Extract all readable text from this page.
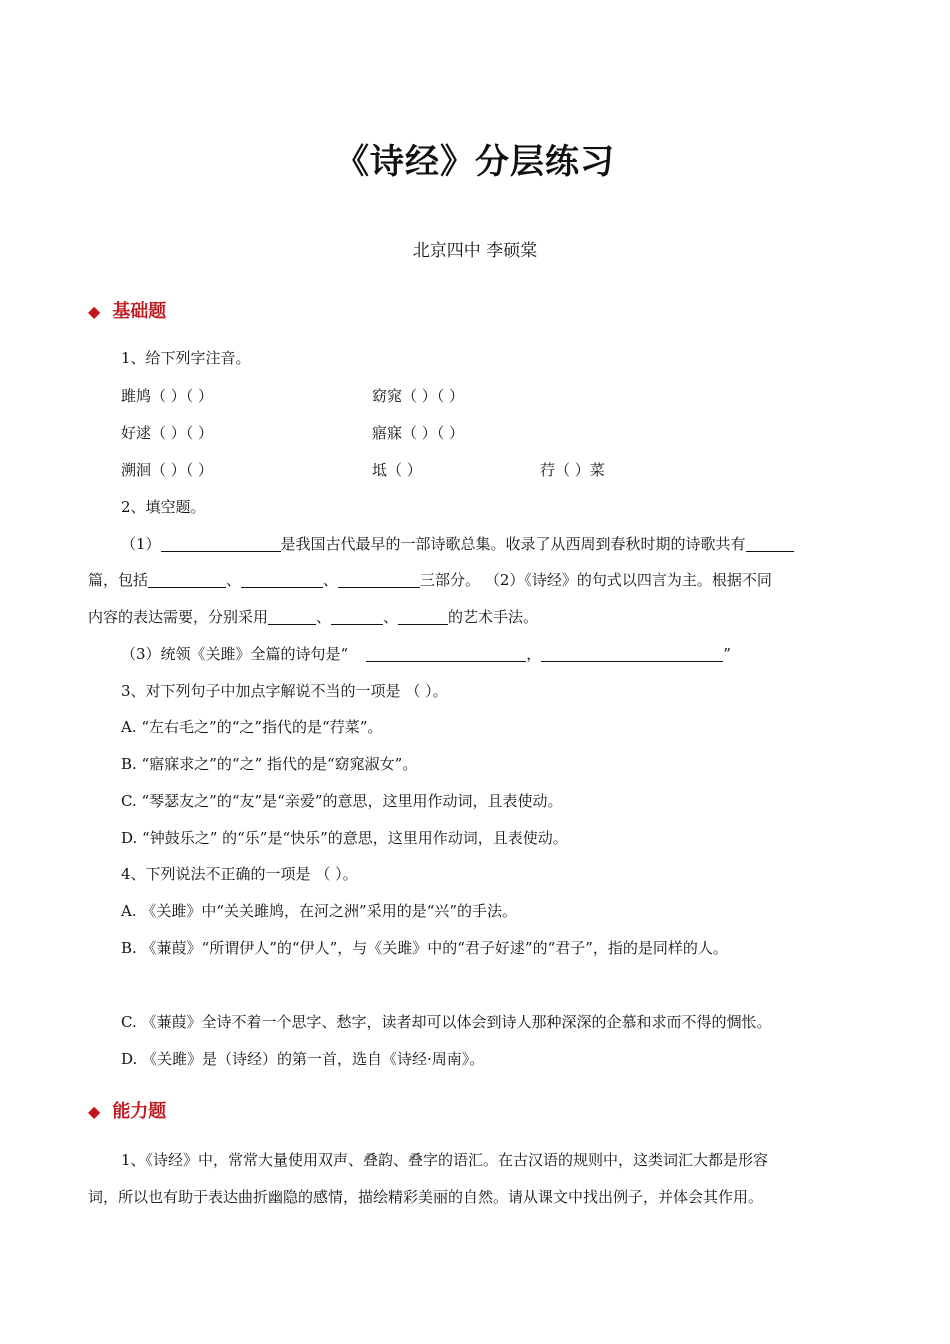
《诗经》分层练习
北京四中 李硕棠
◆ 基础题
1、给下列字注音。
雎鸠（ ）（ ）	窈窕（ ）（ ）
好逑（ ）（ ）	寤寐（ ）（ ）
溯洄（ ）（ ）	坻（ ）	荇（ ）菜
2、填空题。
（1）	是我国古代最早的一部诗歌总集。收录了从西周到春秋时期的诗歌共有
篇，包括	、	、	三部分。 （2）《诗经》的句式以四言为主。根据不同
内容的表达需要，分别采用	、	、	的艺术手法。
（3）统领《关雎》全篇的诗句是“	，	”
3、对下列句子中加点字解说不当的一项是 （ ）。
A. “左右毛之”的“之”指代的是“荇菜”。
B. “寤寐求之”的“之” 指代的是“窈窕淑女”。
C. “琴瑟友之”的“友”是“亲爱”的意思，这里用作动词，且表使动。
D. “钟鼓乐之” 的“乐”是“快乐”的意思，这里用作动词，且表使动。
4、下列说法不正确的一项是 （ ）。
A. 《关雎》中“关关雎鸠，在河之洲”采用的是“兴”的手法。
B. 《蒹葭》“所谓伊人”的“伊人”，与《关雎》中的“君子好逑”的“君子”，指的是同样的人。
C. 《蒹葭》全诗不着一个思字、愁字，读者却可以体会到诗人那种深深的企慕和求而不得的惆怅。
D. 《关雎》是（诗经）的第一首，选自《诗经·周南》。
◆ 能力题
1、《诗经》中，常常大量使用双声、叠韵、叠字的语汇。在古汉语的规则中，这类词汇大都是形容
词，所以也有助于表达曲折幽隐的感情，描绘精彩美丽的自然。请从课文中找出例子，并体会其作用。
